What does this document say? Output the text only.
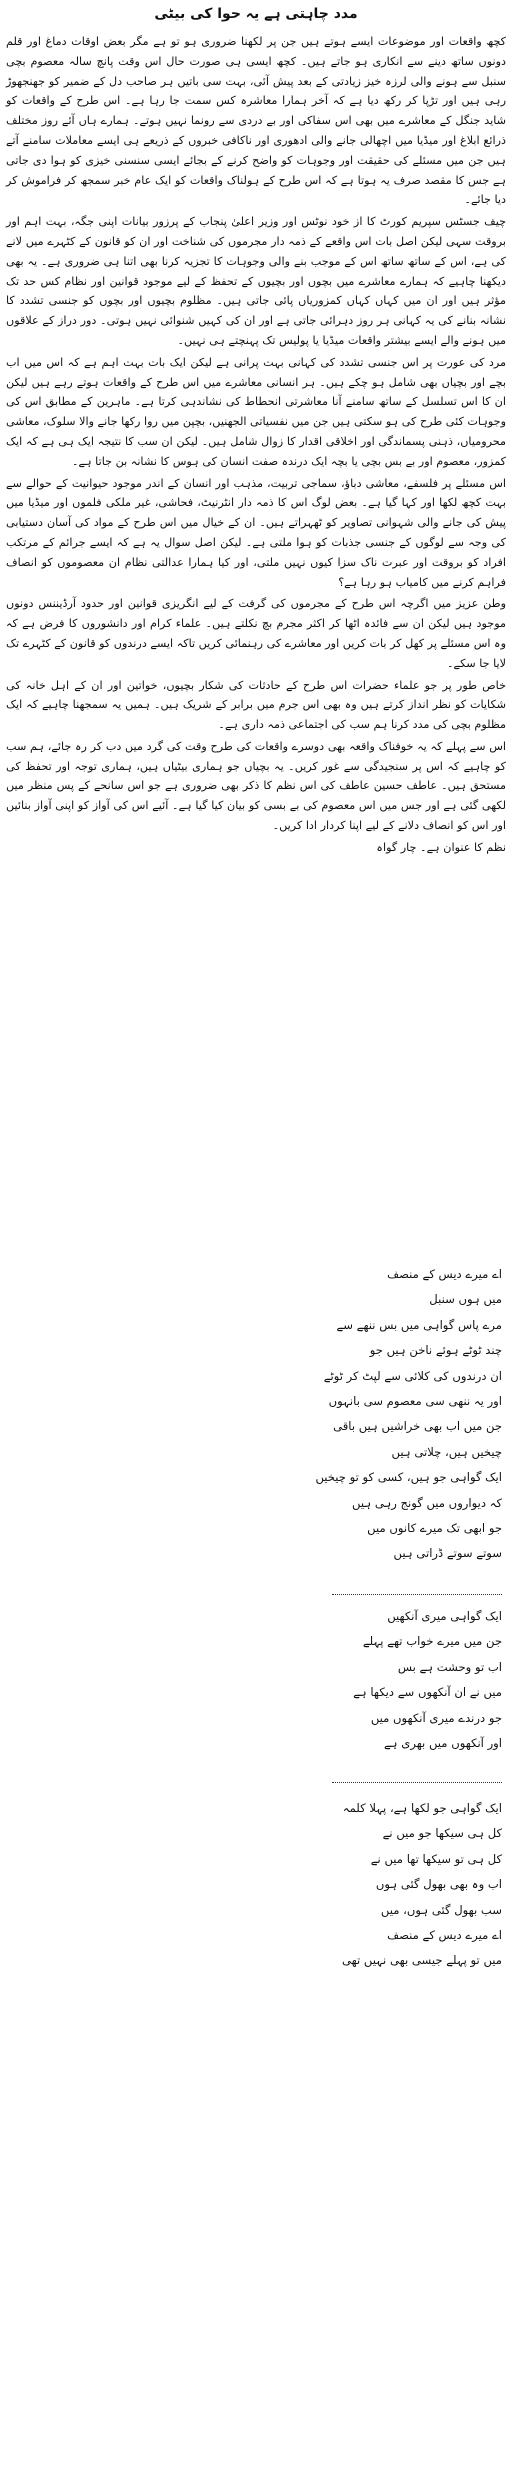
مدد چاہتی ہے یہ حوا کی بیٹی

کچھ واقعات اور موضوعات ایسے ہوتے ہیں جن پر لکھنا ضروری ہو تو ہے مگر بعض اوقات دماغ اور قلم دونوں ساتھ دینے سے انکاری ہو جاتے ہیں۔ کچھ ایسی ہی صورت حال اس وقت پانچ سالہ معصوم بچی سنبل سے ہونے والی لرزہ خیز زیادتی کے بعد پیش آئی، بہت سی باتیں ہر صاحب دل کے ضمیر کو جھنجھوڑ رہی ہیں اور تڑپا کر رکھ دیا ہے کہ آخر ہمارا معاشرہ کس سمت جا رہا ہے۔ اس طرح کے واقعات کو شاید جنگل کے معاشرے میں بھی اس سفاکی اور بے دردی سے رونما نہیں ہوتے۔ ہمارے ہاں آئے روز مختلف ذرائع ابلاغ اور میڈیا میں اچھالی جانے والی ادھوری اور ناکافی خبروں کے ذریعے ہی ایسے معاملات سامنے آتے ہیں جن میں مسئلے کی حقیقت اور وجوہات کو واضح کرنے کے بجائے ایسی سنسنی خیزی کو ہوا دی جاتی ہے جس کا مقصد صرف یہ ہوتا ہے کہ اس طرح کے ہولناک واقعات کو ایک عام خبر سمجھ کر فراموش کر دیا جائے۔

چیف جسٹس سپریم کورٹ کا از خود نوٹس اور وزیر اعلیٰ پنجاب کے پرزور بیانات اپنی جگہ، بہت اہم اور بروقت سہی لیکن اصل بات اس واقعے کے ذمہ دار مجرموں کی شناخت اور ان کو قانون کے کٹہرے میں لانے کی ہے، اس کے ساتھ ساتھ اس کے موجب بنے والی وجوہات کا تجزیہ کرنا بھی اتنا ہی ضروری ہے۔ یہ بھی دیکھنا چاہیے کہ ہمارے معاشرے میں بچوں اور بچیوں کے تحفظ کے لیے موجود قوانین اور نظام کس حد تک مؤثر ہیں اور ان میں کہاں کہاں کمزوریاں پائی جاتی ہیں۔ مظلوم بچیوں اور بچوں کو جنسی تشدد کا نشانہ بنانے کی یہ کہانی ہر روز دہرائی جاتی ہے اور ان کی کہیں شنوائی نہیں ہوتی۔ دور دراز کے علاقوں میں ہونے والے ایسے بیشتر واقعات میڈیا یا پولیس تک پہنچتے ہی نہیں۔

مرد کی عورت پر اس جنسی تشدد کی کہانی بہت پرانی ہے لیکن ایک بات بہت اہم ہے کہ اس میں اب بچے اور بچیاں بھی شامل ہو چکے ہیں۔ ہر انسانی معاشرے میں اس طرح کے واقعات ہوتے رہے ہیں لیکن ان کا اس تسلسل کے ساتھ سامنے آنا معاشرتی انحطاط کی نشاندہی کرتا ہے۔ ماہرین کے مطابق اس کی وجوہات کئی طرح کی ہو سکتی ہیں جن میں نفسیاتی الجھنیں، بچپن میں روا رکھا جانے والا سلوک، معاشی محرومیاں، ذہنی پسماندگی اور اخلاقی اقدار کا زوال شامل ہیں۔ لیکن ان سب کا نتیجہ ایک ہی ہے کہ ایک کمزور، معصوم اور بے بس بچی یا بچہ ایک درندہ صفت انسان کی ہوس کا نشانہ بن جاتا ہے۔

اس مسئلے پر فلسفے، معاشی دباؤ، سماجی تربیت، مذہب اور انسان کے اندر موجود حیوانیت کے حوالے سے بہت کچھ لکھا اور کہا گیا ہے۔ بعض لوگ اس کا ذمہ دار انٹرنیٹ، فحاشی، غیر ملکی فلموں اور میڈیا میں پیش کی جانے والی شہوانی تصاویر کو ٹھہراتے ہیں۔ ان کے خیال میں اس طرح کے مواد کی آسان دستیابی کی وجہ سے لوگوں کے جنسی جذبات کو ہوا ملتی ہے۔ لیکن اصل سوال یہ ہے کہ ایسے جرائم کے مرتکب افراد کو بروقت اور عبرت ناک سزا کیوں نہیں ملتی، اور کیا ہمارا عدالتی نظام ان معصوموں کو انصاف فراہم کرنے میں کامیاب ہو رہا ہے؟

وطن عزیز میں اگرچہ اس طرح کے مجرموں کی گرفت کے لیے انگریزی قوانین اور حدود آرڈیننس دونوں موجود ہیں لیکن ان سے فائدہ اٹھا کر اکثر مجرم بچ نکلتے ہیں۔ علماء کرام اور دانشوروں کا فرض ہے کہ وہ اس مسئلے پر کھل کر بات کریں اور معاشرے کی رہنمائی کریں تاکہ ایسے درندوں کو قانون کے کٹہرے تک لایا جا سکے۔

خاص طور پر جو علماء حضرات اس طرح کے حادثات کی شکار بچیوں، خواتین اور ان کے اہل خانہ کی شکایات کو نظر انداز کرتے ہیں وہ بھی اس جرم میں برابر کے شریک ہیں۔ ہمیں یہ سمجھنا چاہیے کہ ایک مظلوم بچی کی مدد کرنا ہم سب کی اجتماعی ذمہ داری ہے۔

اس سے پہلے کہ یہ خوفناک واقعہ بھی دوسرے واقعات کی طرح وقت کی گرد میں دب کر رہ جائے، ہم سب کو چاہیے کہ اس پر سنجیدگی سے غور کریں۔ یہ بچیاں جو ہماری بیٹیاں ہیں، ہماری توجہ اور تحفظ کی مستحق ہیں۔ عاطف حسین عاطف کی اس نظم کا ذکر بھی ضروری ہے جو اس سانحے کے پس منظر میں لکھی گئی ہے اور جس میں اس معصوم کی بے بسی کو بیان کیا گیا ہے۔ آئیے اس کی آواز کو اپنی آواز بنائیں اور اس کو انصاف دلانے کے لیے اپنا کردار ادا کریں۔

نظم کا عنوان ہے۔ چار گواہ

اے میرے دیس کے منصف
میں ہوں سنبل
مرے پاس گواہی میں بس ننھے سے
چند ٹوٹے ہوئے ناخن ہیں جو
ان درندوں کی کلائی سے لپٹ کر ٹوٹے
اور یہ ننھی سی معصوم سی بانہوں
جن میں اب بھی خراشیں ہیں باقی
چیخیں ہیں، چلاتی ہیں
ایک گواہی جو ہیں، کسی کو تو چیخیں
کہ دیواروں میں گونج رہی ہیں
جو ابھی تک میرے کانوں میں
سوتے سوتے ڈراتی ہیں
ایک گواہی میری آنکھیں
جن میں میرے خواب تھے پہلے
اب تو وحشت ہے بس
میں نے ان آنکھوں سے دیکھا ہے
جو درندے میری آنکھوں میں
اور آنکھوں میں بھری ہے
ایک گواہی جو لکھا ہے، پہلا کلمہ
کل ہی سیکھا جو میں نے
کل ہی تو سیکھا تھا میں نے
اب وہ بھی بھول گئی ہوں
سب بھول گئی ہوں، میں
اے میرے دیس کے منصف
میں تو پہلے جیسی بھی نہیں تھی
